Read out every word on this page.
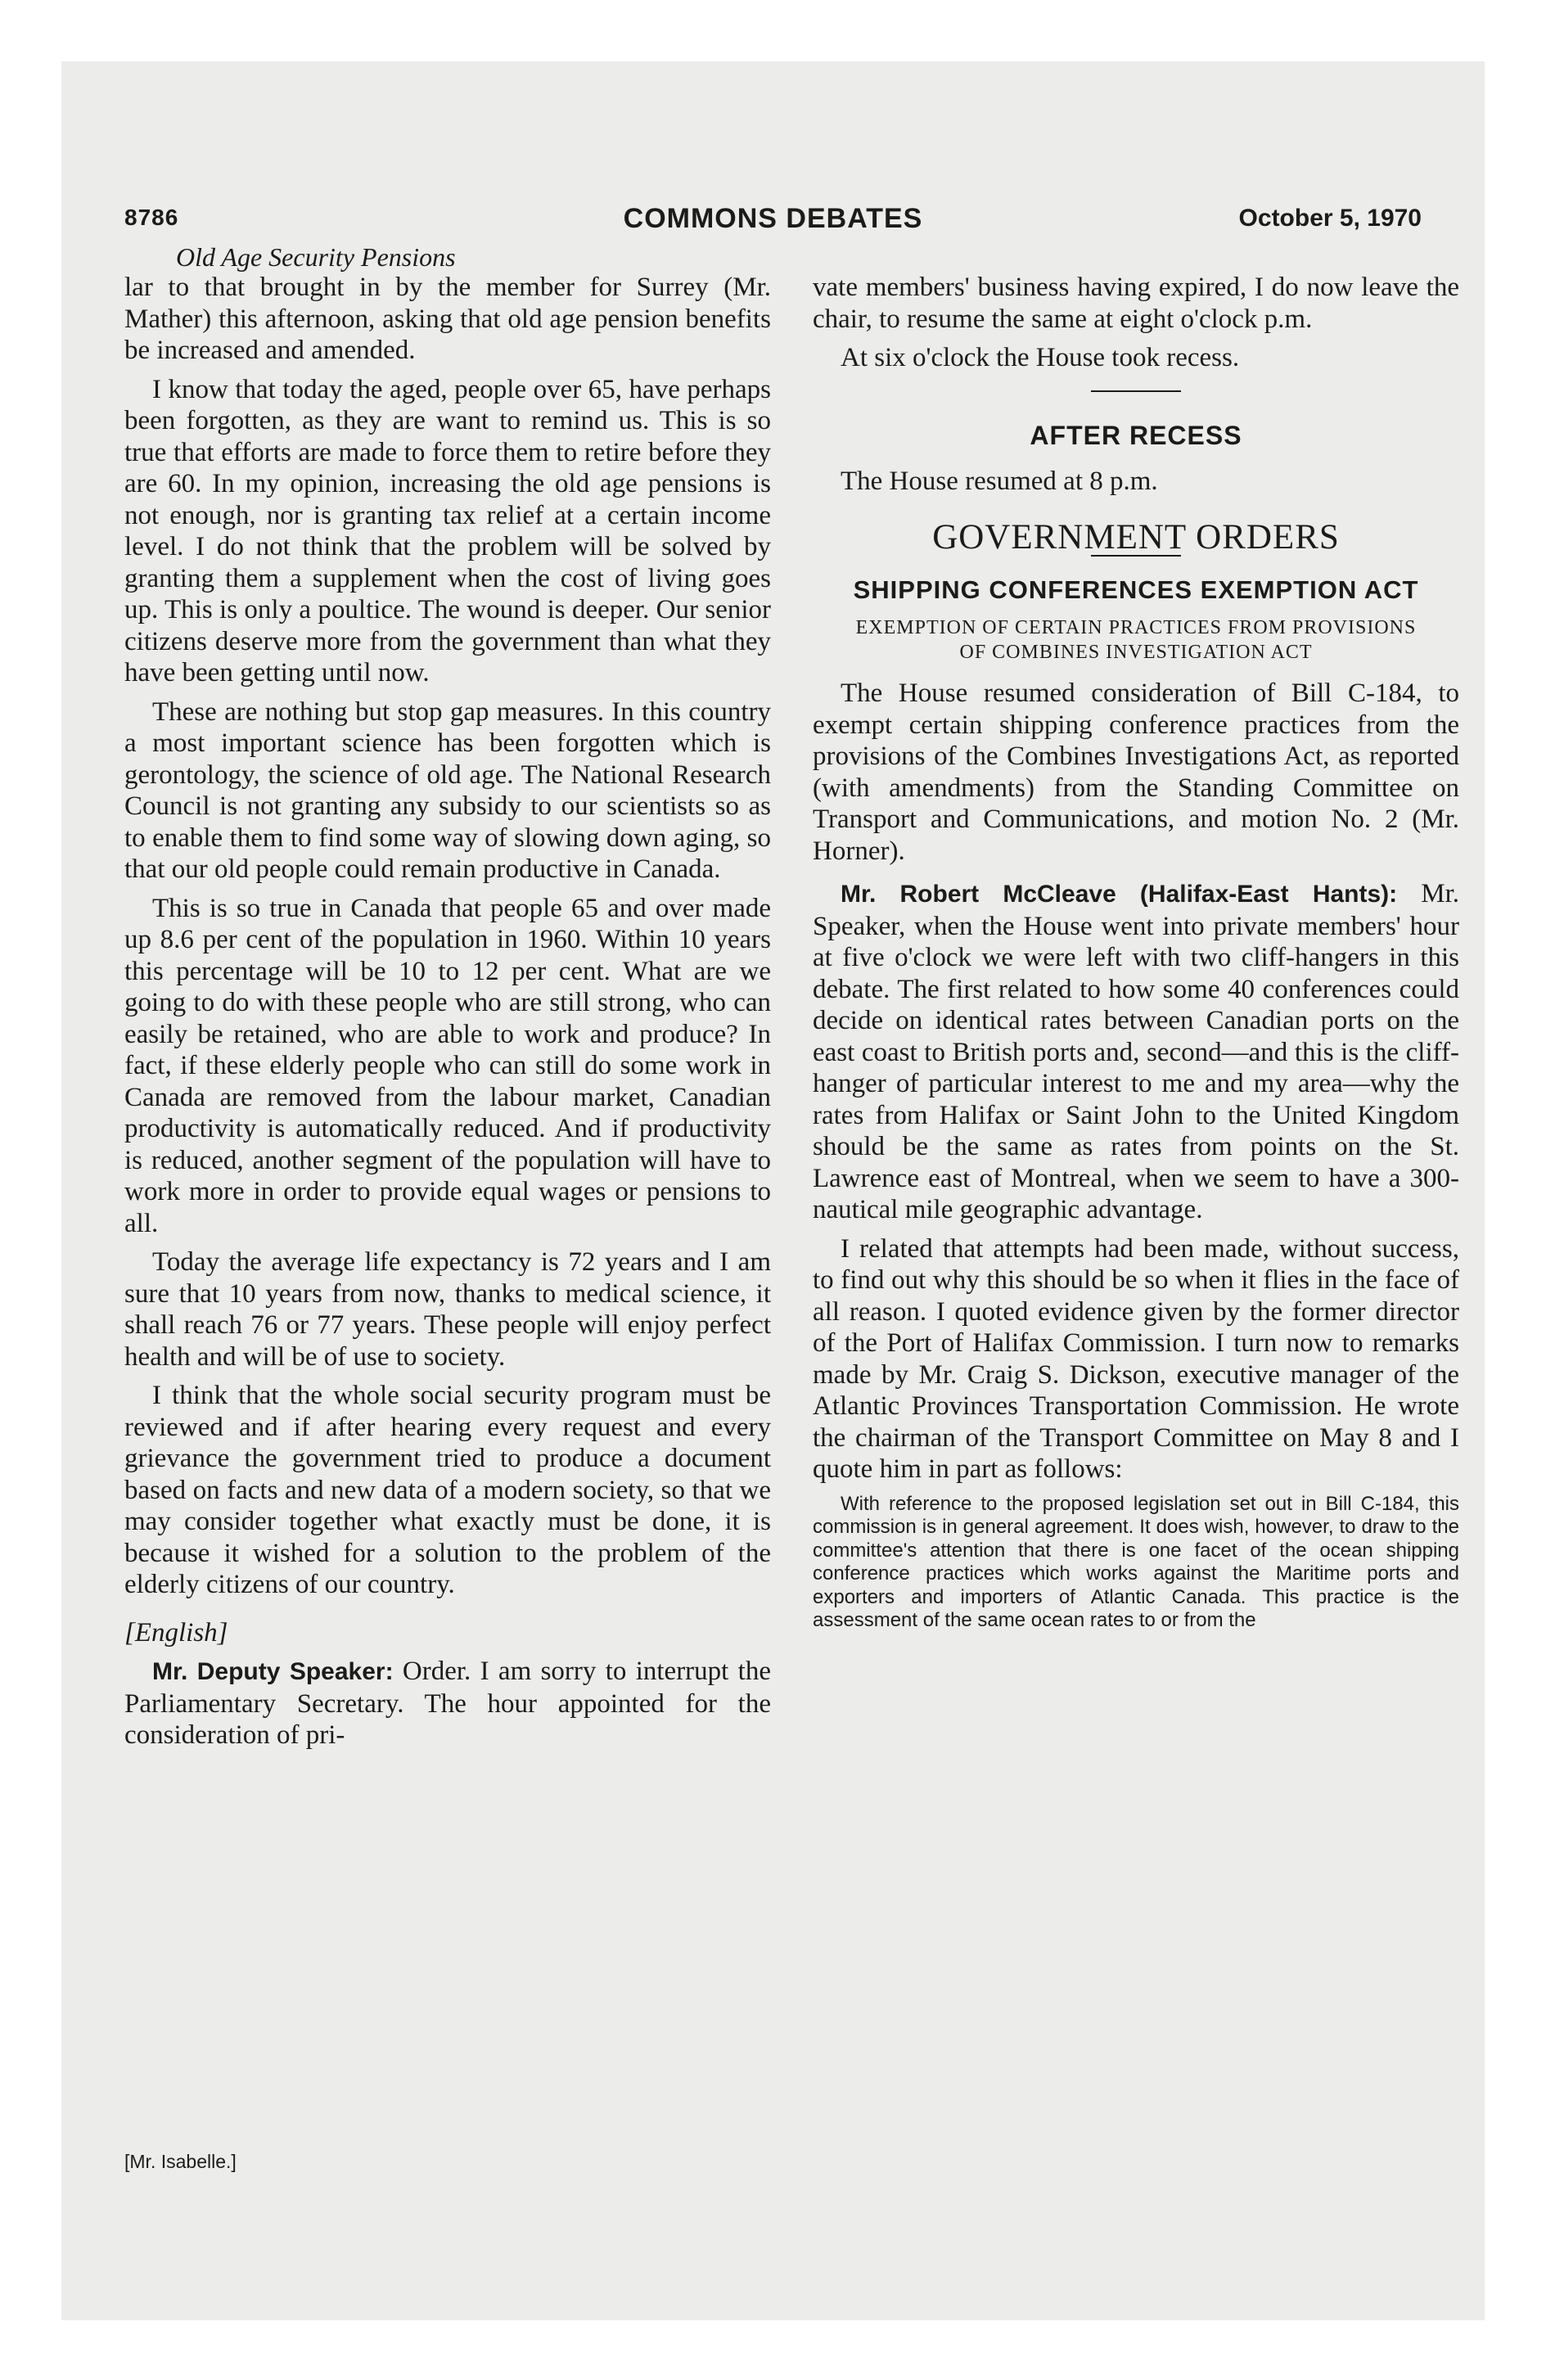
8786	COMMONS DEBATES	October 5, 1970
Old Age Security Pensions

lar to that brought in by the member for Surrey (Mr. Mather) this afternoon, asking that old age pension benefits be increased and amended.

I know that today the aged, people over 65, have perhaps been forgotten, as they are want to remind us. This is so true that efforts are made to force them to retire before they are 60. In my opinion, increasing the old age pensions is not enough, nor is granting tax relief at a certain income level. I do not think that the problem will be solved by granting them a supplement when the cost of living goes up. This is only a poultice. The wound is deeper. Our senior citizens deserve more from the government than what they have been getting until now.

These are nothing but stop gap measures. In this country a most important science has been forgotten which is gerontology, the science of old age. The National Research Council is not granting any subsidy to our scientists so as to enable them to find some way of slowing down aging, so that our old people could remain productive in Canada.

This is so true in Canada that people 65 and over made up 8.6 per cent of the population in 1960. Within 10 years this percentage will be 10 to 12 per cent. What are we going to do with these people who are still strong, who can easily be retained, who are able to work and produce? In fact, if these elderly people who can still do some work in Canada are removed from the labour market, Canadian productivity is automatically reduced. And if productivity is reduced, another segment of the population will have to work more in order to provide equal wages or pensions to all.

Today the average life expectancy is 72 years and I am sure that 10 years from now, thanks to medical science, it shall reach 76 or 77 years. These people will enjoy perfect health and will be of use to society.

I think that the whole social security program must be reviewed and if after hearing every request and every grievance the government tried to produce a document based on facts and new data of a modern society, so that we may consider together what exactly must be done, it is because it wished for a solution to the problem of the elderly citizens of our country.

[English]

Mr. Deputy Speaker: Order. I am sorry to interrupt the Parliamentary Secretary. The hour appointed for the consideration of pri-

vate members' business having expired, I do now leave the chair, to resume the same at eight o'clock p.m.

At six o'clock the House took recess.

AFTER RECESS

The House resumed at 8 p.m.

GOVERNMENT ORDERS

SHIPPING CONFERENCES EXEMPTION ACT

EXEMPTION OF CERTAIN PRACTICES FROM PROVISIONS OF COMBINES INVESTIGATION ACT

The House resumed consideration of Bill C-184, to exempt certain shipping conference practices from the provisions of the Combines Investigations Act, as reported (with amendments) from the Standing Committee on Transport and Communications, and motion No. 2 (Mr. Horner).

Mr. Robert McCleave (Halifax-East Hants): Mr. Speaker, when the House went into private members' hour at five o'clock we were left with two cliff-hangers in this debate. The first related to how some 40 conferences could decide on identical rates between Canadian ports on the east coast to British ports and, second—and this is the cliff-hanger of particular interest to me and my area—why the rates from Halifax or Saint John to the United Kingdom should be the same as rates from points on the St. Lawrence east of Montreal, when we seem to have a 300-nautical mile geographic advantage.

I related that attempts had been made, without success, to find out why this should be so when it flies in the face of all reason. I quoted evidence given by the former director of the Port of Halifax Commission. I turn now to remarks made by Mr. Craig S. Dickson, executive manager of the Atlantic Provinces Transportation Commission. He wrote the chairman of the Transport Committee on May 8 and I quote him in part as follows:

With reference to the proposed legislation set out in Bill C-184, this commission is in general agreement. It does wish, however, to draw to the committee's attention that there is one facet of the ocean shipping conference practices which works against the Maritime ports and exporters and importers of Atlantic Canada. This practice is the assessment of the same ocean rates to or from the

[Mr. Isabelle.]
